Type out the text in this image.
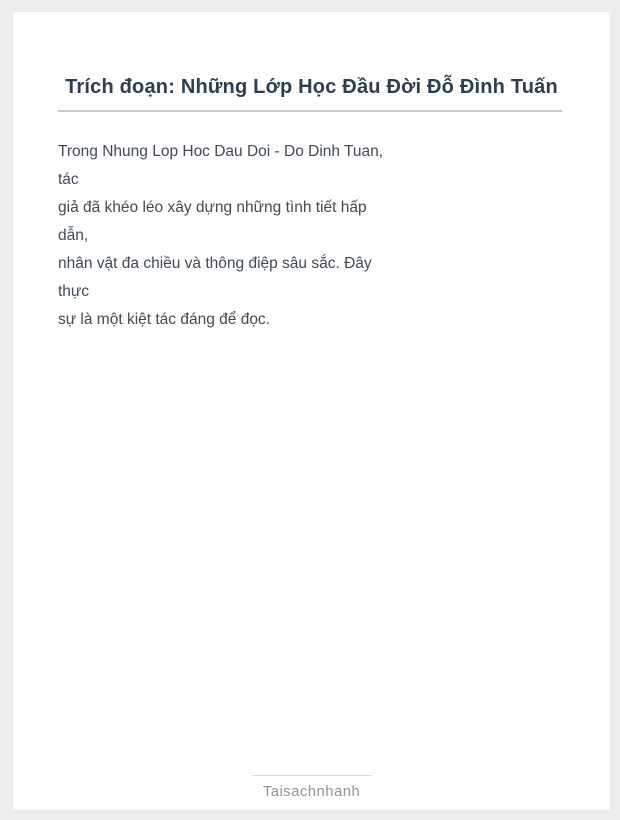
Trích đoạn: Những Lớp Học Đầu Đời Đỗ Đình Tuấn
Trong Nhung Lop Hoc Dau Doi - Do Dinh Tuan,
tác
giả đã khéo léo xây dựng những tình tiết hấp
dẫn,
nhân vật đa chiều và thông điệp sâu sắc. Đây
thực
sự là một kiệt tác đáng để đọc.
Taisachnhanh
